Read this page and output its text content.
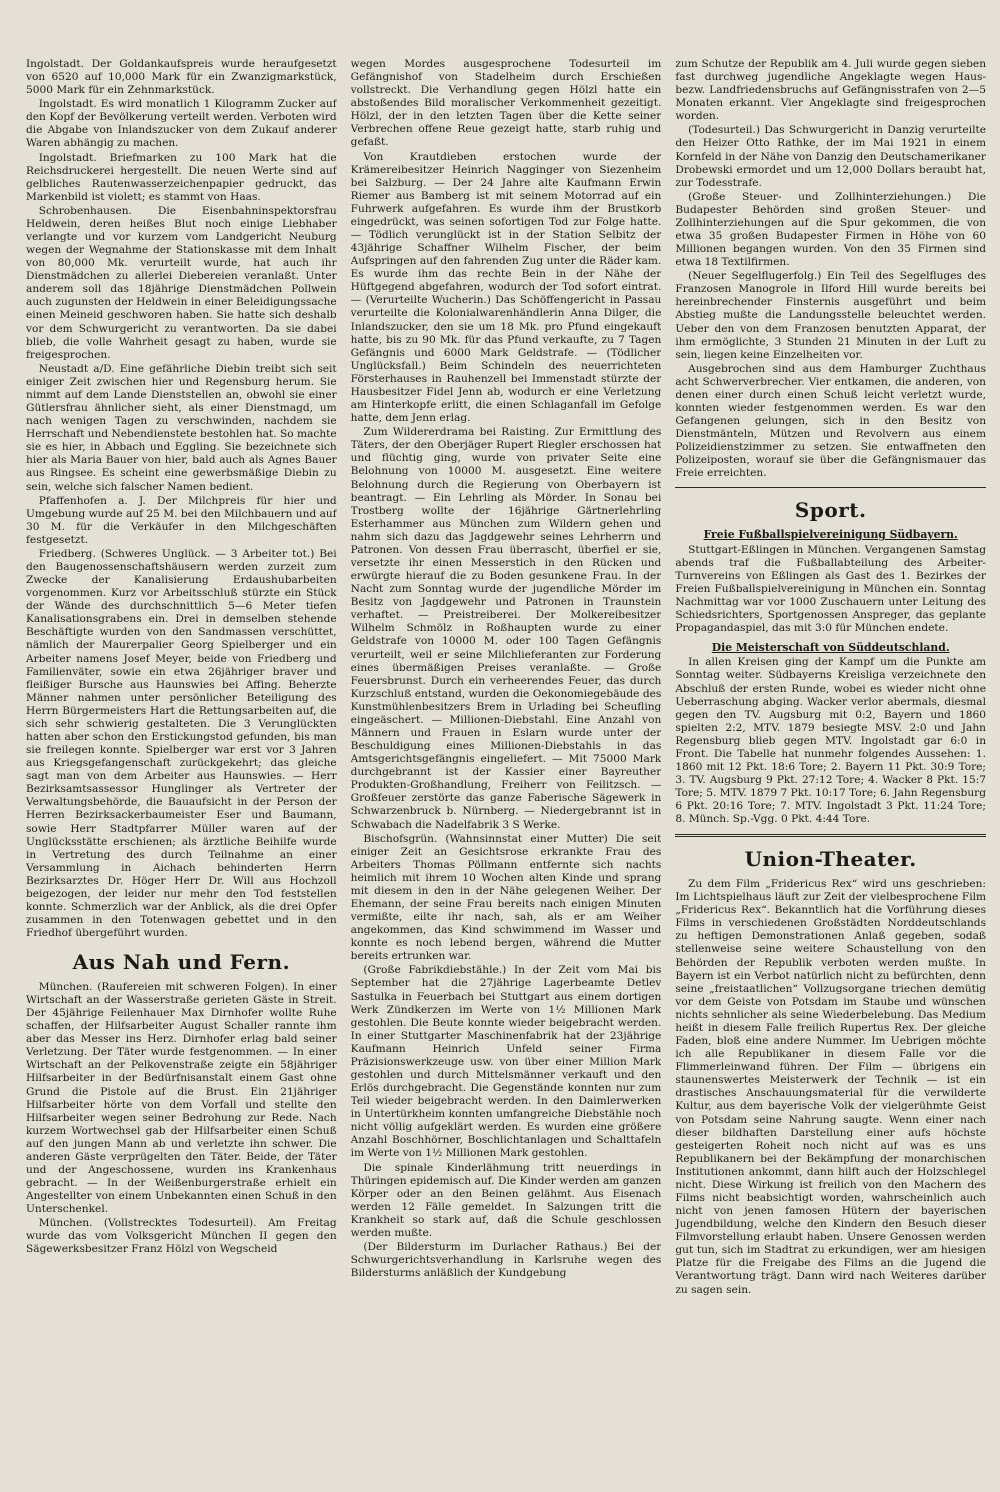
Ingolstadt. Der Goldankaufspreis wurde heraufgesetzt von 6520 auf 10,000 Mark für ein Zwanzigmarkstück, 5000 Mark für ein Zehnmarkstück.

Ingolstadt. Es wird monatlich 1 Kilogramm Zucker auf den Kopf der Bevölkerung verteilt werden. Verboten wird die Abgabe von Inlandszucker von dem Zukauf anderer Waren abhängig zu machen.

Ingolstadt. Briefmarken zu 100 Mark hat die Reichsdruckerei hergestellt. Die neuen Werte sind auf gelbliches Rautenwasserzeichenpapier gedruckt, das Markenbild ist violett; es stammt von Haas.

Schrobenhausen. Die Eisenbahninspektorsfrau Heldwein, deren heißes Blut noch einige Liebhaber verlangte und vor kurzem vom Landgericht Neuburg wegen der Wegnahme der Stationskasse mit dem Inhalt von 80,000 Mk. verurteilt wurde, hat auch ihr Dienstmädchen zu allerlei Diebereien veranlaßt. Unter anderem soll das 18jährige Dienstmädchen Pollwein auch zugunsten der Heldwein in einer Beleidigungssache einen Meineid geschworen haben. Sie hatte sich deshalb vor dem Schwurgericht zu verantworten. Da sie dabei blieb, die volle Wahrheit gesagt zu haben, wurde sie freigesprochen.

Neustadt a/D. Eine gefährliche Diebin treibt sich seit einiger Zeit zwischen hier und Regensburg herum. Sie nimmt auf dem Lande Dienststellen an, obwohl sie einer Gütlersfrau ähnlicher sieht, als einer Dienstmagd, um nach wenigen Tagen zu verschwinden, nachdem sie Herrschaft und Nebendienstete bestohlen hat. So machte sie es hier, in Abbach und Eggling. Sie bezeichnete sich hier als Maria Bauer von hier, bald auch als Agnes Bauer aus Ringsee. Es scheint eine gewerbsmäßige Diebin zu sein, welche sich falscher Namen bedient.

Pfaffenhofen a. J. Der Milchpreis für hier und Umgebung wurde auf 25 M. bei den Milchbauern und auf 30 M. für die Verkäufer in den Milchgeschäften festgesetzt.

Friedberg. (Schweres Unglück. — 3 Arbeiter tot.) Bei den Baugenossenschaftshäusern werden zurzeit zum Zwecke der Kanalisierung Erdaushubarbeiten vorgenommen. Kurz vor Arbeitsschluß stürzte ein Stück der Wände des durchschnittlich 5—6 Meter tiefen Kanalisationsgrabens ein. Drei in demselben stehende Beschäftigte wurden von den Sandmassen verschüttet, nämlich der Maurerpalier Georg Spielberger und ein Arbeiter namens Josef Meyer, beide von Friedberg und Familienväter, sowie ein etwa 26jähriger braver und fleißiger Bursche aus Haunswies bei Affing. Beherzte Männer nahmen unter persönlicher Beteiligung des Herrn Bürgermeisters Hart die Rettungsarbeiten auf, die sich sehr schwierig gestalteten. Die 3 Verunglückten hatten aber schon den Erstickungstod gefunden, bis man sie freilegen konnte. Spielberger war erst vor 3 Jahren aus Kriegsgefangenschaft zurückgekehrt; das gleiche sagt man von dem Arbeiter aus Haunswies. — Herr Bezirksamtsassessor Hunglinger als Vertreter der Verwaltungsbehörde, die Bauaufsicht in der Person der Herren Bezirksackerbaumeister Eser und Baumann, sowie Herr Stadtpfarrer Müller waren auf der Unglücksstätte erschienen; als ärztliche Beihilfe wurde in Vertretung des durch Teilnahme an einer Versammlung in Aichach behinderten Herrn Bezirksarztes Dr. Höger Herr Dr. Will aus Hochzoll beigezogen, der leider nur mehr den Tod feststellen konnte. Schmerzlich war der Anblick, als die drei Opfer zusammen in den Totenwagen gebettet und in den Friedhof übergeführt wurden.

Aus Nah und Fern.

München. (Raufereien mit schweren Folgen). In einer Wirtschaft an der Wasserstraße gerieten Gäste in Streit. Der 45jährige Feilenhauer Max Dirnhofer wollte Ruhe schaffen, der Hilfsarbeiter August Schaller rannte ihm aber das Messer ins Herz. Dirnhofer erlag bald seiner Verletzung. Der Täter wurde festgenommen. — In einer Wirtschaft an der Pelkovenstraße zeigte ein 58jähriger Hilfsarbeiter in der Bedürfnisanstalt einem Gast ohne Grund die Pistole auf die Brust. Ein 21jähriger Hilfsarbeiter hörte von dem Vorfall und stellte den Hilfsarbeiter wegen seiner Bedrohung zur Rede. Nach kurzem Wortwechsel gab der Hilfsarbeiter einen Schuß auf den jungen Mann ab und verletzte ihn schwer. Die anderen Gäste verprügelten den Täter. Beide, der Täter und der Angeschossene, wurden ins Krankenhaus gebracht. — In der Weißenburgerstraße erhielt ein Angestellter von einem Unbekannten einen Schuß in den Unterschenkel.

München. (Vollstrecktes Todesurteil). Am Freitag wurde das vom Volksgericht München II gegen den Sägewerksbesitzer Franz Hölzl von Wegscheid

wegen Mordes ausgesprochene Todesurteil im Gefängnishof von Stadelheim durch Erschießen vollstreckt. Die Verhandlung gegen Hölzl hatte ein abstoßendes Bild moralischer Verkommenheit gezeitigt. Hölzl, der in den letzten Tagen über die Kette seiner Verbrechen offene Reue gezeigt hatte, starb ruhig und gefaßt.

Von Krautdieben erstochen wurde der Krämereibesitzer Heinrich Nagginger von Siezenheim bei Salzburg. — Der 24 Jahre alte Kaufmann Erwin Riemer aus Bamberg ist mit seinem Motorrad auf ein Fuhrwerk aufgefahren. Es wurde ihm der Brustkorb eingedrückt, was seinen sofortigen Tod zur Folge hatte. — Tödlich verunglückt ist in der Station Selbitz der 43jährige Schaffner Wilhelm Fischer, der beim Aufspringen auf den fahrenden Zug unter die Räder kam. Es wurde ihm das rechte Bein in der Nähe der Hüftgegend abgefahren, wodurch der Tod sofort eintrat. — (Verurteilte Wucherin.) Das Schöffengericht in Passau verurteilte die Kolonialwarenhändlerin Anna Dilger, die Inlandszucker, den sie um 18 Mk. pro Pfund eingekauft hatte, bis zu 90 Mk. für das Pfund verkaufte, zu 7 Tagen Gefängnis und 6000 Mark Geldstrafe. — (Tödlicher Unglücksfall.) Beim Schindeln des neuerrichteten Försterhauses in Rauhenzell bei Immenstadt stürzte der Hausbesitzer Fidel Jenn ab, wodurch er eine Verletzung am Hinterkopfe erlitt, die einen Schlaganfall im Gefolge hatte, dem Jenn erlag.

Zum Wildererdrama bei Raisting. Zur Ermittlung des Täters, der den Oberjäger Rupert Riegler erschossen hat und flüchtig ging, wurde von privater Seite eine Belohnung von 10000 M. ausgesetzt. Eine weitere Belohnung durch die Regierung von Oberbayern ist beantragt. — Ein Lehrling als Mörder. In Sonau bei Trostberg wollte der 16jährige Gärtnerlehrling Esterhammer aus München zum Wildern gehen und nahm sich dazu das Jagdgewehr seines Lehrherrn und Patronen. Von dessen Frau überrascht, überfiel er sie, versetzte ihr einen Messerstich in den Rücken und erwürgte hierauf die zu Boden gesunkene Frau. In der Nacht zum Sonntag wurde der jugendliche Mörder im Besitz von Jagdgewehr und Patronen in Traunstein verhaftet. — Preistreiberei. Der Molkereibesitzer Wilhelm Schmölz in Roßhaupten wurde zu einer Geldstrafe von 10000 M. oder 100 Tagen Gefängnis verurteilt, weil er seine Milchlieferanten zur Forderung eines übermäßigen Preises veranlaßte. — Große Feuersbrunst. Durch ein verheerendes Feuer, das durch Kurzschluß entstand, wurden die Oekonomiegebäude des Kunstmühlenbesitzers Brem in Urlading bei Scheufling eingeäschert. — Millionen-Diebstahl. Eine Anzahl von Männern und Frauen in Eslarn wurde unter der Beschuldigung eines Millionen-Diebstahls in das Amtsgerichtsgefängnis eingeliefert. — Mit 75000 Mark durchgebrannt ist der Kassier einer Bayreuther Produkten-Großhandlung, Freiherr von Feilitzsch. — Großfeuer zerstörte das ganze Faberische Sägewerk in Schwarzenbruck b. Nürnberg. — Niedergebrannt ist in Schwabach die Nadelfabrik 3 S Werke.

Bischofsgrün. (Wahnsinnstat einer Mutter) Die seit einiger Zeit an Gesichtsrose erkrankte Frau des Arbeiters Thomas Pöllmann entfernte sich nachts heimlich mit ihrem 10 Wochen alten Kinde und sprang mit diesem in den in der Nähe gelegenen Weiher. Der Ehemann, der seine Frau bereits nach einigen Minuten vermißte, eilte ihr nach, sah, als er am Weiher angekommen, das Kind schwimmend im Wasser und konnte es noch lebend bergen, während die Mutter bereits ertrunken war.

(Große Fabrikdiebstähle.) In der Zeit vom Mai bis September hat die 27jährige Lagerbeamte Detlev Sastulka in Feuerbach bei Stuttgart aus einem dortigen Werk Zündkerzen im Werte von 1½ Millionen Mark gestohlen. Die Beute konnte wieder beigebracht werden. In einer Stuttgarter Maschinenfabrik hat der 23jährige Kaufmann Heinrich Unfeld seiner Firma Präzisionswerkzeuge usw. von über einer Million Mark gestohlen und durch Mittelsmänner verkauft und den Erlös durchgebracht. Die Gegenstände konnten nur zum Teil wieder beigebracht werden. In den Daimlerwerken in Untertürkheim konnten umfangreiche Diebstähle noch nicht völlig aufgeklärt werden. Es wurden eine größere Anzahl Boschhörner, Boschlichtanlagen und Schalttafeln im Werte von 1½ Millionen Mark gestohlen.

Die spinale Kinderlähmung tritt neuerdings in Thüringen epidemisch auf. Die Kinder werden am ganzen Körper oder an den Beinen gelähmt. Aus Eisenach werden 12 Fälle gemeldet. In Salzungen tritt die Krankheit so stark auf, daß die Schule geschlossen werden mußte.

(Der Bildersturm im Durlacher Rathaus.) Bei der Schwurgerichtsverhandlung in Karlsruhe wegen des Bildersturms anläßlich der Kundgebung

zum Schutze der Republik am 4. Juli wurde gegen sieben fast durchweg jugendliche Angeklagte wegen Haus- bezw. Landfriedensbruchs auf Gefängnisstrafen von 2—5 Monaten erkannt. Vier Angeklagte sind freigesprochen worden.

(Todesurteil.) Das Schwurgericht in Danzig verurteilte den Heizer Otto Rathke, der im Mai 1921 in einem Kornfeld in der Nähe von Danzig den Deutschamerikaner Drobewski ermordet und um 12,000 Dollars beraubt hat, zur Todesstrafe.

(Große Steuer- und Zollhinterziehungen.) Die Budapester Behörden sind großen Steuer- und Zollhinterziehungen auf die Spur gekommen, die von etwa 35 großen Budapester Firmen in Höhe von 60 Millionen begangen wurden. Von den 35 Firmen sind etwa 18 Textilfirmen.

(Neuer Segelflugerfolg.) Ein Teil des Segelfluges des Franzosen Manogrole in Ilford Hill wurde bereits bei hereinbrechender Finsternis ausgeführt und beim Abstieg mußte die Landungsstelle beleuchtet werden. Ueber den von dem Franzosen benutzten Apparat, der ihm ermöglichte, 3 Stunden 21 Minuten in der Luft zu sein, liegen keine Einzelheiten vor.

Ausgebrochen sind aus dem Hamburger Zuchthaus acht Schwerverbrecher. Vier entkamen, die anderen, von denen einer durch einen Schuß leicht verletzt wurde, konnten wieder festgenommen werden. Es war den Gefangenen gelungen, sich in den Besitz von Dienstmänteln, Mützen und Revolvern aus einem Polizeidienstzimmer zu setzen. Sie entwaffneten den Polizeiposten, worauf sie über die Gefängnismauer das Freie erreichten.

Sport.
Freie Fußballspielvereinigung Südbayern.

Stuttgart-Eßlingen in München. Vergangenen Samstag abends traf die Fußballabteilung des Arbeiter-Turnvereins von Eßlingen als Gast des 1. Bezirkes der Freien Fußballspielvereinigung in München ein. Sonntag Nachmittag war vor 1000 Zuschauern unter Leitung des Schiedsrichters, Sportgenossen Anspreger, das geplante Propagandaspiel, das mit 3:0 für München endete.

Die Meisterschaft von Süddeutschland.

In allen Kreisen ging der Kampf um die Punkte am Sonntag weiter. Südbayerns Kreisliga verzeichnete den Abschluß der ersten Runde, wobei es wieder nicht ohne Ueberraschung abging. Wacker verlor abermals, diesmal gegen den TV. Augsburg mit 0:2, Bayern und 1860 spielten 2:2, MTV. 1879 besiegte MSV. 2:0 und Jahn Regensburg blieb gegen MTV. Ingolstadt gar 6:0 in Front. Die Tabelle hat nunmehr folgendes Aussehen: 1. 1860 mit 12 Pkt. 18:6 Tore; 2. Bayern 11 Pkt. 30:9 Tore; 3. TV. Augsburg 9 Pkt. 27:12 Tore; 4. Wacker 8 Pkt. 15:7 Tore; 5. MTV. 1879 7 Pkt. 10:17 Tore; 6. Jahn Regensburg 6 Pkt. 20:16 Tore; 7. MTV. Ingolstadt 3 Pkt. 11:24 Tore; 8. Münch. Sp.-Vgg. 0 Pkt. 4:44 Tore.

Union-Theater.

Zu dem Film „Fridericus Rex“ wird uns geschrieben: Im Lichtspielhaus läuft zur Zeit der vielbesprochene Film „Fridericus Rex“. Bekanntlich hat die Vorführung dieses Films in verschiedenen Großstädten Norddeutschlands zu heftigen Demonstrationen Anlaß gegeben, sodaß stellenweise seine weitere Schaustellung von den Behörden der Republik verboten werden mußte. In Bayern ist ein Verbot natürlich nicht zu befürchten, denn seine „freistaatlichen“ Vollzugsorgane triechen demütig vor dem Geiste von Potsdam im Staube und wünschen nichts sehnlicher als seine Wiederbelebung. Das Medium heißt in diesem Falle freilich Rupertus Rex. Der gleiche Faden, bloß eine andere Nummer. Im Uebrigen möchte ich alle Republikaner in diesem Falle vor die Flimmerleinwand führen. Der Film — übrigens ein staunenswertes Meisterwerk der Technik — ist ein drastisches Anschauungsmaterial für die verwilderte Kultur, aus dem bayerische Volk der vielgerühmte Geist von Potsdam seine Nahrung saugte. Wenn einer nach dieser bildhaften Darstellung einer aufs höchste gesteigerten Roheit noch nicht auf was es uns Republikanern bei der Bekämpfung der monarchischen Institutionen ankommt, dann hilft auch der Holzschlegel nicht. Diese Wirkung ist freilich von den Machern des Films nicht beabsichtigt worden, wahrscheinlich auch nicht von jenen famosen Hütern der bayerischen Jugendbildung, welche den Kindern den Besuch dieser Filmvorstellung erlaubt haben. Unsere Genossen werden gut tun, sich im Stadtrat zu erkundigen, wer am hiesigen Platze für die Freigabe des Films an die Jugend die Verantwortung trägt. Dann wird nach Weiteres darüber zu sagen sein.
